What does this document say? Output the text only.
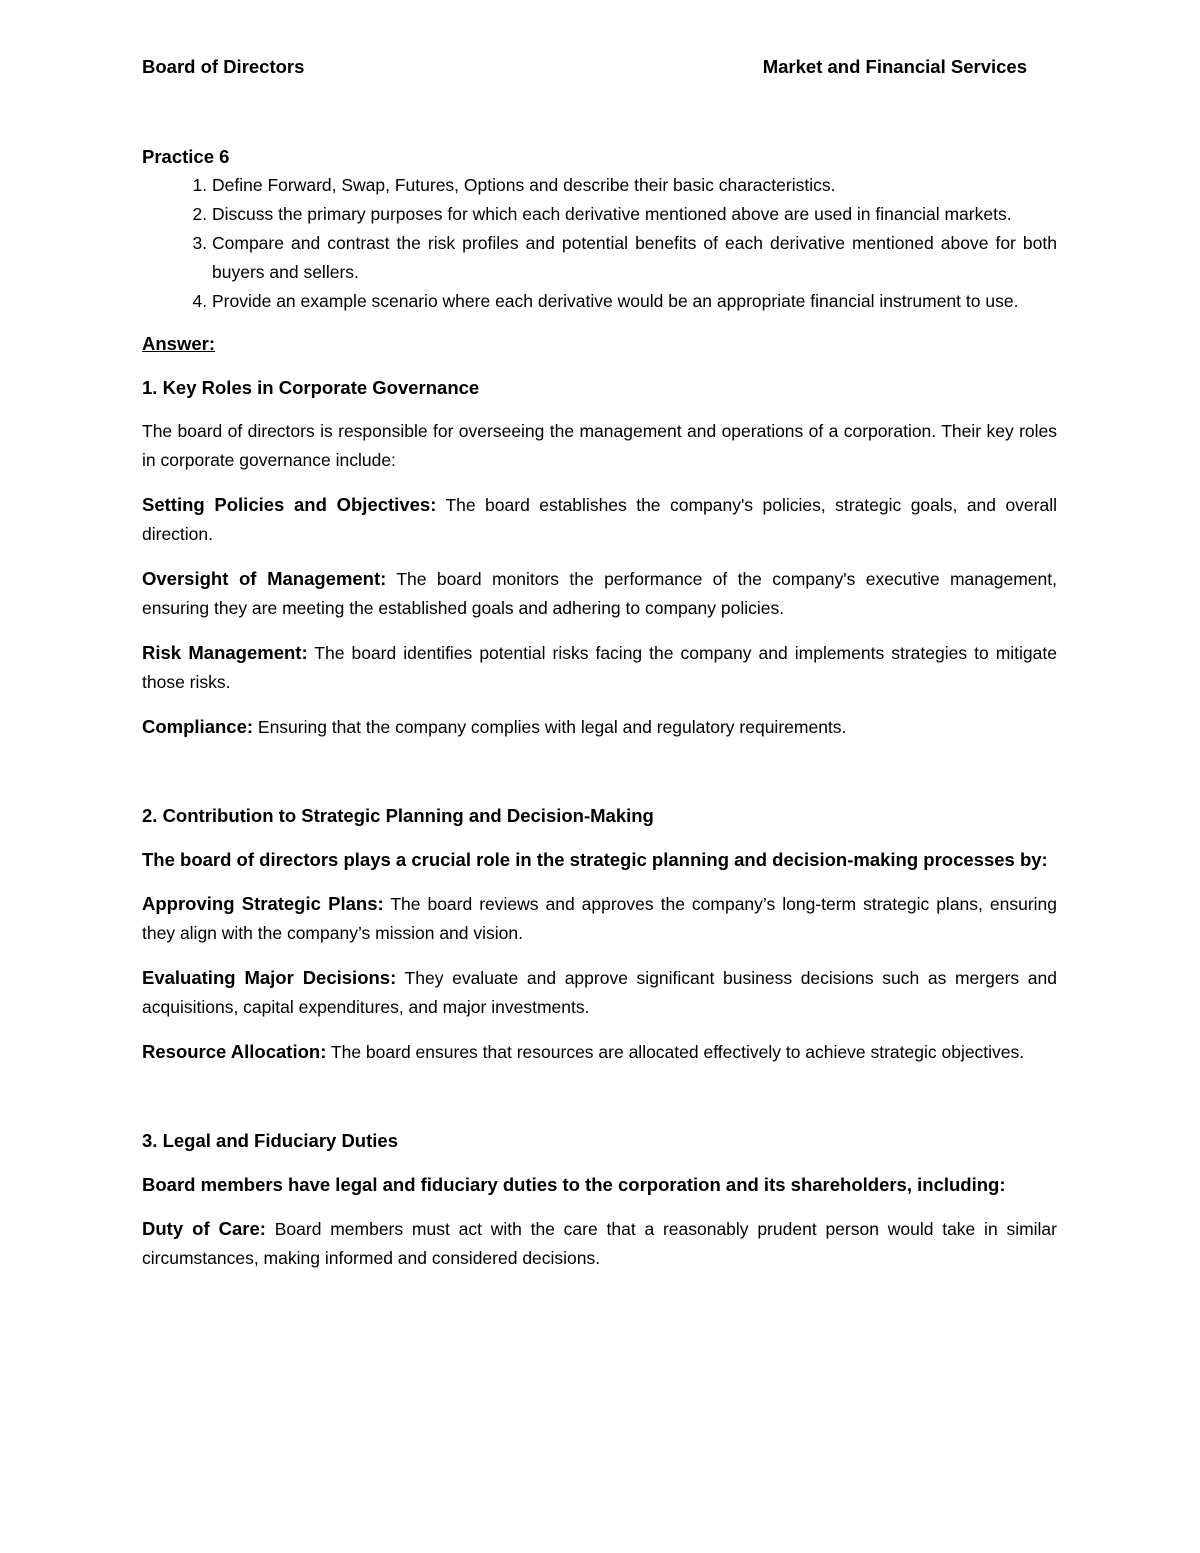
Board of Directors	Market and Financial Services

Practice 6

1. Define Forward, Swap, Futures, Options and describe their basic characteristics.
2. Discuss the primary purposes for which each derivative mentioned above are used in financial markets.
3. Compare and contrast the risk profiles and potential benefits of each derivative mentioned above for both buyers and sellers.
4. Provide an example scenario where each derivative would be an appropriate financial instrument to use.

Answer:

1. Key Roles in Corporate Governance

The board of directors is responsible for overseeing the management and operations of a corporation. Their key roles in corporate governance include:

Setting Policies and Objectives: The board establishes the company's policies, strategic goals, and overall direction.

Oversight of Management: The board monitors the performance of the company's executive management, ensuring they are meeting the established goals and adhering to company policies.

Risk Management: The board identifies potential risks facing the company and implements strategies to mitigate those risks.

Compliance: Ensuring that the company complies with legal and regulatory requirements.

2. Contribution to Strategic Planning and Decision-Making

The board of directors plays a crucial role in the strategic planning and decision-making processes by:

Approving Strategic Plans: The board reviews and approves the company’s long-term strategic plans, ensuring they align with the company’s mission and vision.

Evaluating Major Decisions: They evaluate and approve significant business decisions such as mergers and acquisitions, capital expenditures, and major investments.

Resource Allocation: The board ensures that resources are allocated effectively to achieve strategic objectives.

3. Legal and Fiduciary Duties

Board members have legal and fiduciary duties to the corporation and its shareholders, including:

Duty of Care: Board members must act with the care that a reasonably prudent person would take in similar circumstances, making informed and considered decisions.
